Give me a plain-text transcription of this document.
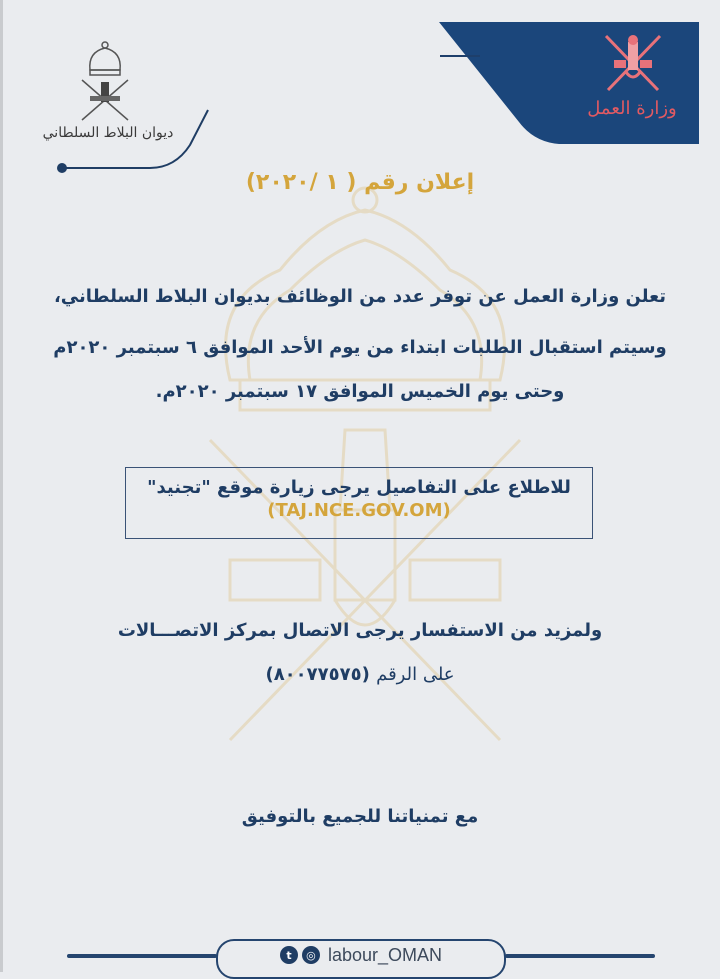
وزارة العمل
ديوان البلاط السلطاني
إعلان رقم ( ١ /٢٠٢٠)
تعلن وزارة العمل عن توفر عدد من الوظائف بديوان البلاط السلطاني،
وسيتم استقبال الطلبات ابتداء من يوم الأحد الموافق ٦ سبتمبر ٢٠٢٠م
وحتى يوم الخميس الموافق ١٧ سبتمبر ٢٠٢٠م.
للاطلاع على التفاصيل يرجى زيارة موقع "تجنيد"
(TAJ.NCE.GOV.OM)
ولمزيد من الاستفسار يرجى الاتصال بمركز الاتصـــالات
على الرقم (٨٠٠٧٧٥٧٥)
مع تمنياتنا للجميع بالتوفيق
t	◎ labour_OMAN
